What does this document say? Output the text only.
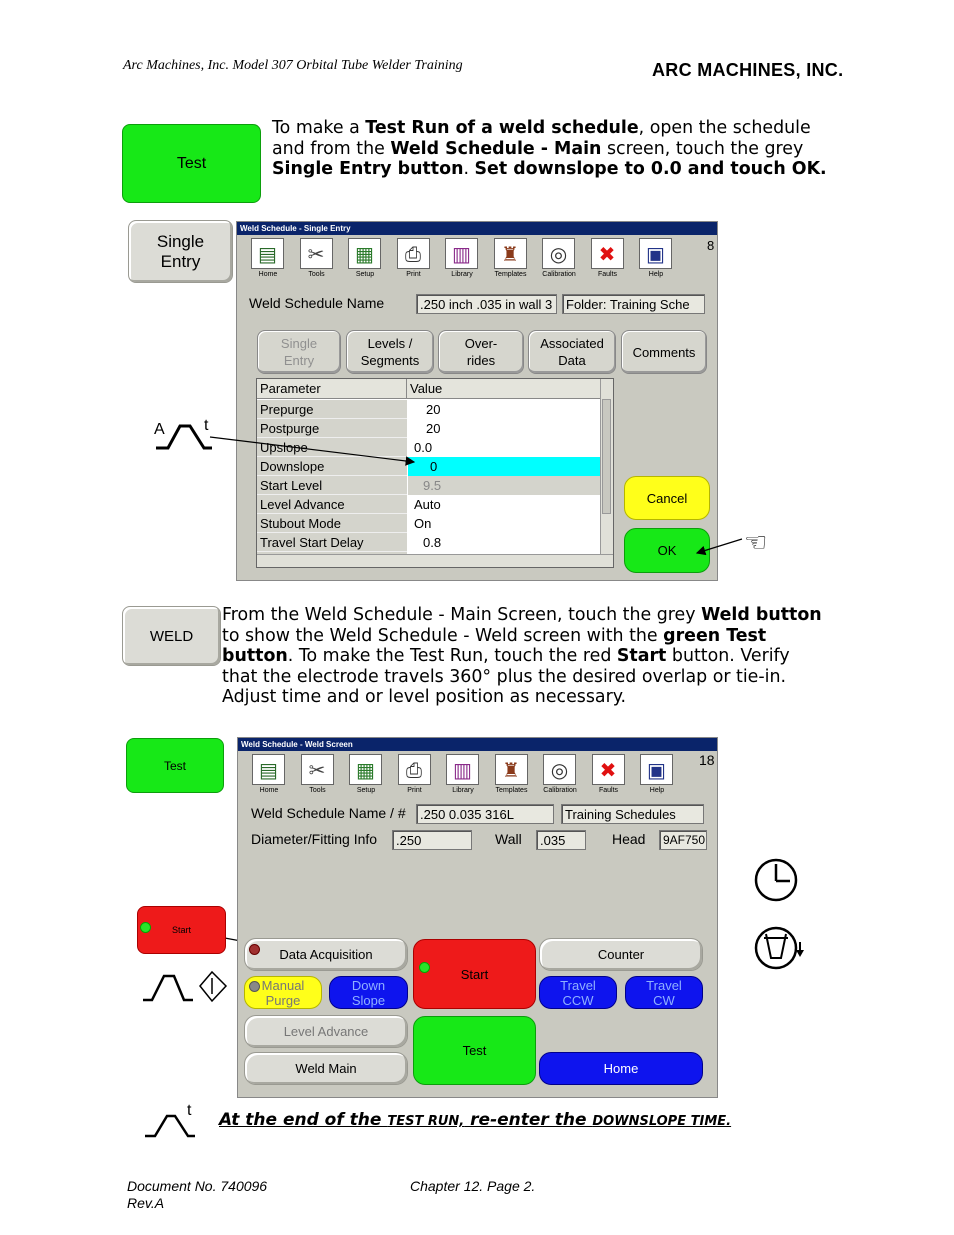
Arc Machines, Inc. Model 307 Orbital Tube Welder Training	ARC MACHINES, INC.
Test
To make a Test Run of a weld schedule, open the schedule and from the Weld Schedule - Main screen, touch the grey Single Entry button. Set downslope to 0.0 and touch OK.
Single
Entry
Weld Schedule - Single Entry
▤
Home
✂
Tools
▦
Setup
⎙
Print
▥
Library
♜
Templates
◎
Calibration
✖
Faults
▣
Help
8
Weld Schedule Name	.250 inch .035 in wall 3	Folder: Training Sche
Single
Entry
Levels /
Segments
Over-
rides
Associated
Data
Comments
Cancel
OK
Parameter	Value
Prepurge	20
Postpurge	20
Upslope	0.0
Downslope	0
Start Level	9.5
Level Advance	Auto
Stubout Mode	On
Travel Start Delay	0.8
A t
☜
WELD
From the Weld Schedule - Main Screen, touch the grey Weld button to show the Weld Schedule - Weld screen with the green Test button. To make the Test Run, touch the red Start button. Verify that the electrode travels 360° plus the desired overlap or tie-in. Adjust time and or level position as necessary.
Test
Start
Weld Schedule - Weld Screen
▤
Home
✂
Tools
▦
Setup
⎙
Print
▥
Library
♜
Templates
◎
Calibration
✖
Faults
▣
Help
18
Weld Schedule Name / #	.250 0.035 316L	Training Schedules
Diameter/Fitting Info	.250	Wall	.035	Head	9AF750
Data Acquisition
Start
Counter
Manual
Purge
Down
Slope
Travel
CCW
Travel
CW
Level Advance
Test
Weld Main	Home
t At the end of the TEST RUN, re-enter the DOWNSLOPE TIME.
Document No. 740096
Rev.A
Chapter 12. Page 2.
